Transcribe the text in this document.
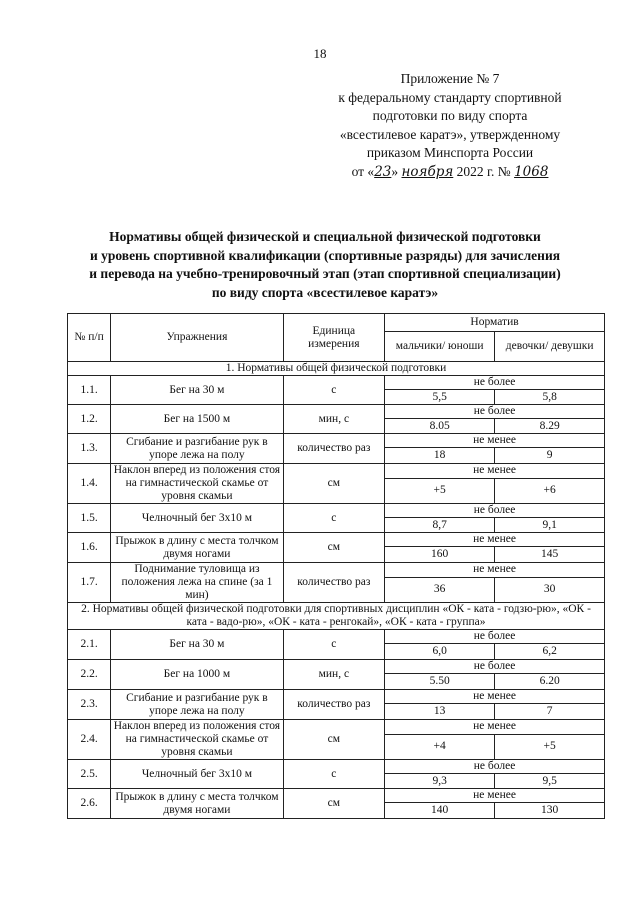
18
Приложение № 7
к федеральному стандарту спортивной
подготовки по виду спорта
«всестилевое каратэ», утвержденному
приказом Минспорта России
от «23» ноября 2022 г. № 1068
Нормативы общей физической и специальной физической подготовки
и уровень спортивной квалификации (спортивные разряды) для зачисления
и перевода на учебно-тренировочный этап (этап спортивной специализации)
по виду спорта «всестилевое каратэ»
№ п/п	Упражнения	Единица измерения	Норматив	
			мальчики/ юноши	девочки/ девушки
1. Нормативы общей физической подготовки				
1.1.	Бег на 30 м	с	не более	
			5,5	5,8
1.2.	Бег на 1500 м	мин, с	не более	
			8.05	8.29
1.3.	Сгибание и разгибание рук в упоре лежа на полу	количество раз	не менее	
			18	9
1.4.	Наклон вперед из положения стоя на гимнастической скамье от уровня скамьи	см	не менее	
			+5	+6
1.5.	Челночный бег 3х10 м	с	не более	
			8,7	9,1
1.6.	Прыжок в длину с места толчком двумя ногами	см	не менее	
			160	145
1.7.	Поднимание туловища из положения лежа на спине (за 1 мин)	количество раз	не менее	
			36	30
2. Нормативы общей физической подготовки для спортивных дисциплин «ОК - ката - годзю-рю», «ОК - ката - вадо-рю», «ОК - ката - ренгокай», «ОК - ката - группа»				
2.1.	Бег на 30 м	с	не более	
			6,0	6,2
2.2.	Бег на 1000 м	мин, с	не более	
			5.50	6.20
2.3.	Сгибание и разгибание рук в упоре лежа на полу	количество раз	не менее	
			13	7
2.4.	Наклон вперед из положения стоя на гимнастической скамье от уровня скамьи	см	не менее	
			+4	+5
2.5.	Челночный бег 3х10 м	с	не более	
			9,3	9,5
2.6.	Прыжок в длину с места толчком двумя ногами	см	не менее	
			140	130
